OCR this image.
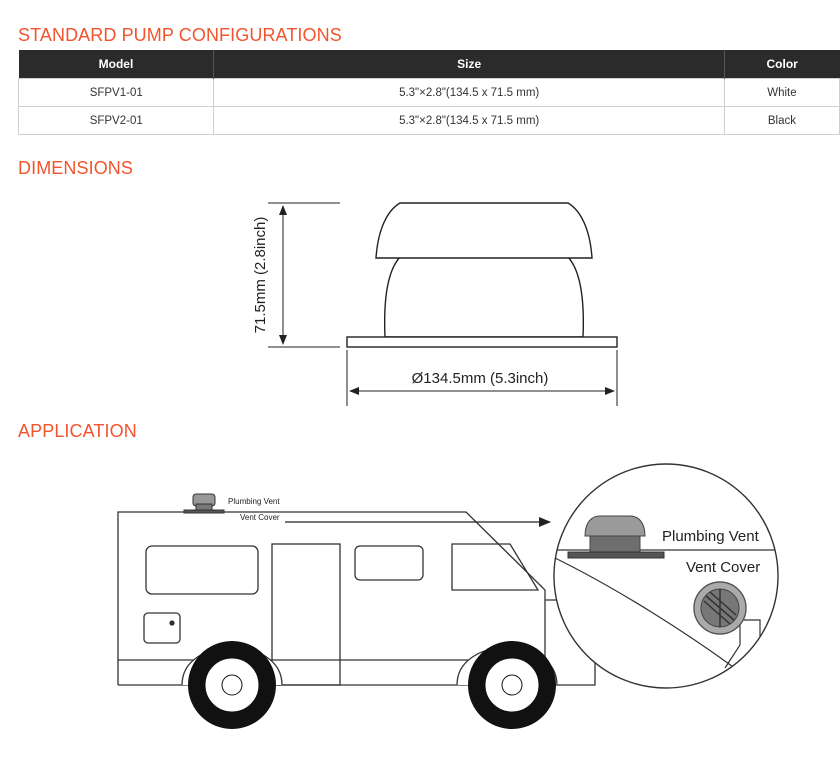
STANDARD PUMP CONFIGURATIONS
Model	Size	Color
SFPV1-01	5.3"×2.8"(134.5 x 71.5 mm)	White
SFPV2-01	5.3"×2.8"(134.5 x 71.5 mm)	Black
DIMENSIONS
71.5mm (2.8inch)
Ø134.5mm (5.3inch)
APPLICATION
Plumbing Vent
Vent Cover
Plumbing Vent
Vent Cover
